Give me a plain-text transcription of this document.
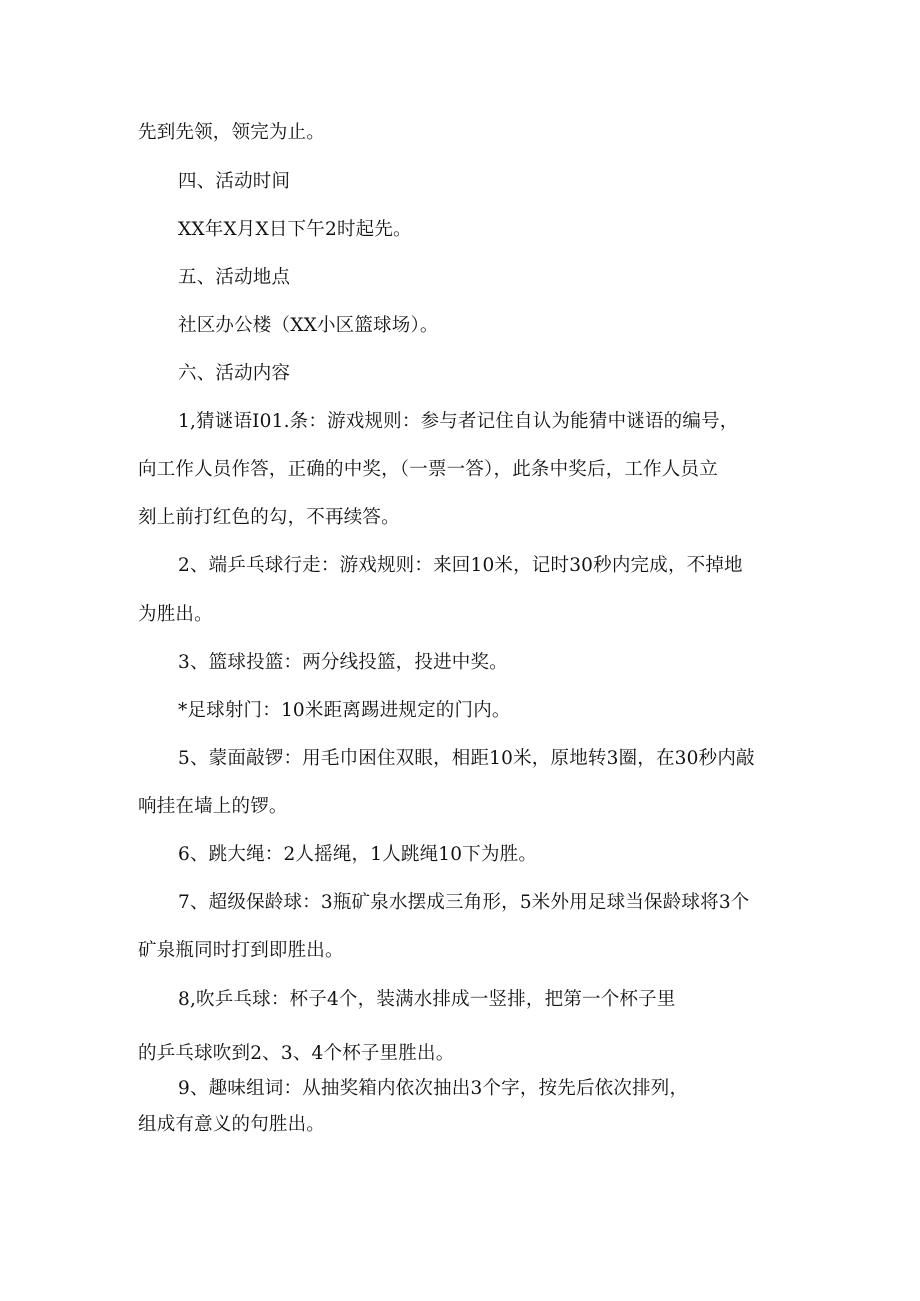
先到先领，领完为止。
四、活动时间
XX年X月X日下午2时起先。
五、活动地点
社区办公楼（XX小区篮球场）。
六、活动内容
1,猜谜语I01.条：游戏规则：参与者记住自认为能猜中谜语的编号，
向工作人员作答，正确的中奖，（一票一答），此条中奖后，工作人员立
刻上前打红色的勾，不再续答。
2、端乒乓球行走：游戏规则：来回10米，记时30秒内完成，不掉地
为胜出。
3、篮球投篮：两分线投篮，投进中奖。
*足球射门：10米距离踢进规定的门内。
5、蒙面敲锣：用毛巾困住双眼，相距10米，原地转3圈，在30秒内敲
响挂在墙上的锣。
6、跳大绳：2人摇绳，1人跳绳10下为胜。
7、超级保龄球：3瓶矿泉水摆成三角形，5米外用足球当保龄球将3个
矿泉瓶同时打到即胜出。
8,吹乒乓球：杯子4个，装满水排成一竖排，把第一个杯子里
的乒乓球吹到2、3、4个杯子里胜出。
9、趣味组词：从抽奖箱内依次抽出3个字，按先后依次排列，
组成有意义的句胜出。
